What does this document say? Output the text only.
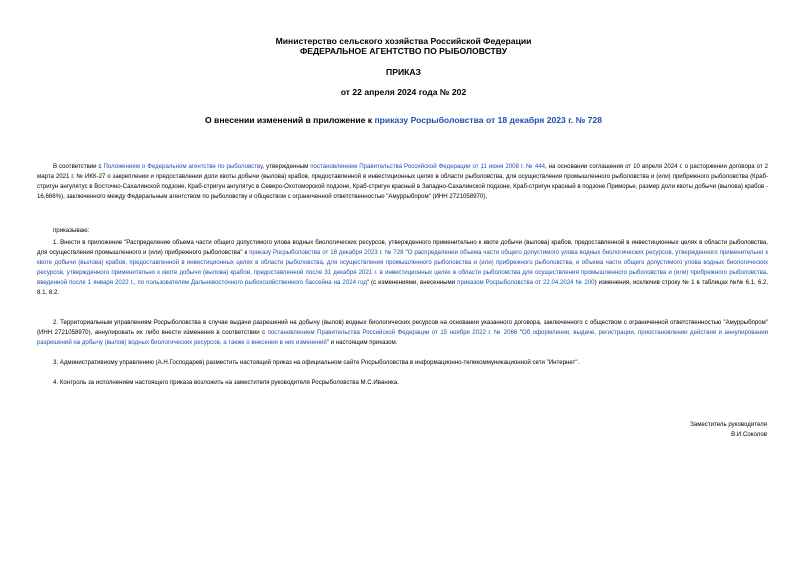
Министерство сельского хозяйства Российской Федерации
ФЕДЕРАЛЬНОЕ АГЕНТСТВО ПО РЫБОЛОВСТВУ
ПРИКАЗ
от 22 апреля 2024 года № 202
О внесении изменений в приложение к приказу Росрыболовства от 18 декабря 2023 г. № 728

В соответствии с Положением о Федеральном агентстве по рыболовству, утвержденным постановлением Правительства Российской Федерации от 11 июня 2008 г. № 444, на основании соглашения от 10 апреля 2024 г. о расторжении договора от 2 марта 2021 г. № ИКК-27 о закреплении и предоставлении доли квоты добычи (вылова) крабов, предоставленной в инвестиционных целях в области рыболовства, для осуществления промышленного рыболовства и (или) прибрежного рыболовства (Краб-стригун ангулятус в Восточно-Сахалинской подзоне, Краб-стригун ангулятус в Северо-Охотоморской подзоне, Краб-стригун красный в Западно-Сахалинской подзоне, Краб-стригун красный в подзоне Приморье, размер доли квоты добычи (вылова) крабов - 16,666%), заключенного между Федеральным агентством по рыболовству и обществом с ограниченной ответственностью "Амуррыбпром" (ИНН 2721058970),

приказываю:

1. Внести в приложение "Распределение объема части общего допустимого улова водных биологических ресурсов, утвержденного применительно к квоте добычи (вылова) крабов, предоставленной в инвестиционных целях в области рыболовства, для осуществления промышленного и (или) прибрежного рыболовства" к приказу Росрыболовства от 18 декабря 2023 г. № 728 "О распределении объема части общего допустимого улова водных биологических ресурсов, утвержденного применительно к квоте добычи (вылова) крабов, предоставленной в инвестиционных целях в области рыболовства, для осуществления промышленного рыболовства и (или) прибрежного рыболовства, и объема части общего допустимого улова водных биологических ресурсов, утвержденного применительно к квоте добычи (вылова) крабов, предоставленной после 31 декабря 2021 г. в инвестиционных целях в области рыболовства для осуществления промышленного рыболовства и (или) прибрежного рыболовства, введенной после 1 января 2022 г., по пользователям Дальневосточного рыбохозяйственного бассейна на 2024 год" (с изменениями, внесенными приказом Росрыболовства от 22.04.2024 № 200) изменения, исключив строку № 1 в таблицах №№ 6.1, 6.2, 8.1, 8.2.

2. Территориальным управлениям Росрыболовства в случае выдачи разрешений на добычу (вылов) водных биологических ресурсов на основании указанного договора, заключенного с обществом с ограниченной ответственностью "Амуррыбпром" (ИНН 2721058970), аннулировать их либо внести изменения в соответствии с постановлением Правительства Российской Федерации от 15 ноября 2022 г. № 2066 "Об оформлении, выдаче, регистрации, приостановлении действия и аннулировании разрешений на добычу (вылов) водных биологических ресурсов, а также о внесении в них изменений" и настоящим приказом.

3. Административному управлению (А.Н.Господарев) разместить настоящий приказ на официальном сайте Росрыболовства в информационно-телекоммуникационной сети "Интернет".

4. Контроль за исполнением настоящего приказа возложить на заместителя руководителя Росрыболовства М.С.Иваника.

Заместитель руководителя
В.И.Соколов
